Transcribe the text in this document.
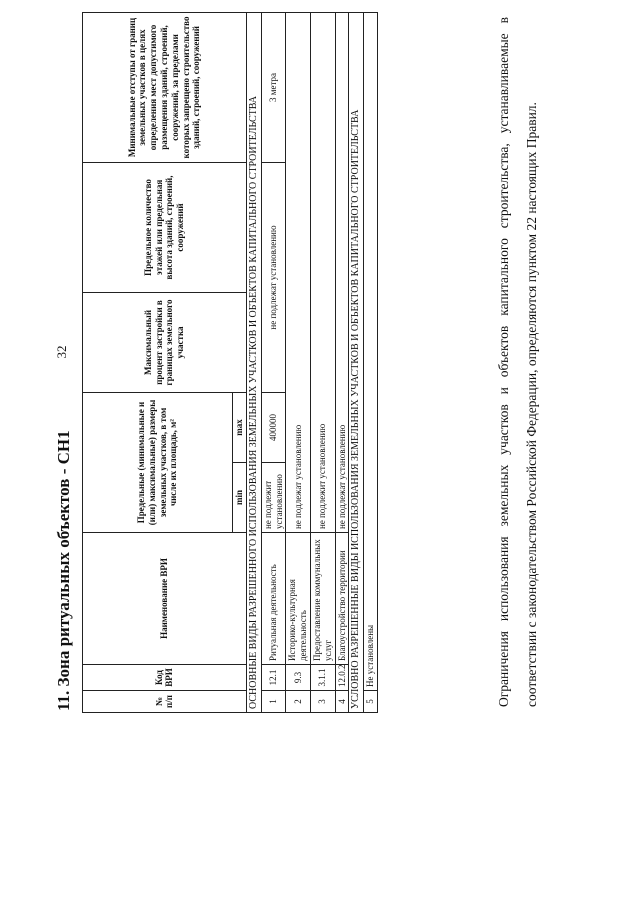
32
11. Зона ритуальных объектов - СН1	№ п/п	Код ВРИ	Наименование ВРИ	Предельные (минимальные и (или) максимальные) размеры земельных участков, в том числе их площадь, м²		Максимальный процент застройки в границах земельного участка	Предельное количество этажей или предельная высота зданий, строений, сооружений	Минимальные отступы от границ земельных участков в целях определения мест допустимого размещения зданий, строений, сооружений, за пределами которых запрещено строительство зданий, строений, сооружений
			min	max			
ОСНОВНЫЕ ВИДЫ РАЗРЕШЕННОГО ИСПОЛЬЗОВАНИЯ ЗЕМЕЛЬНЫХ УЧАСТКОВ И ОБЪЕКТОВ КАПИТАЛЬНОГО СТРОИТЕЛЬСТВА							
1	12.1	Ритуальная деятельность	не подлежит установлению	400000	не подлежат установлению		3 метра
2	9.3	Историко-культурная деятельность	не подлежат установлению				
3	3.1.1	Предоставление коммунальных услуг	не подлежит установлению				
4	12.0.2	Благоустройство территории	не подлежат установлению				
УСЛОВНО РАЗРЕШЕННЫЕ ВИДЫ ИСПОЛЬЗОВАНИЯ ЗЕМЕЛЬНЫХ УЧАСТКОВ И ОБЪЕКТОВ КАПИТАЛЬНОГО СТРОИТЕЛЬСТВА							
5	Не установлены							Ограничения использования земельных участков и объектов капитального строительства, устанавливаемые в соответствии с законодательством Российской Федерации, определяются пунктом 22 настоящих Правил.
